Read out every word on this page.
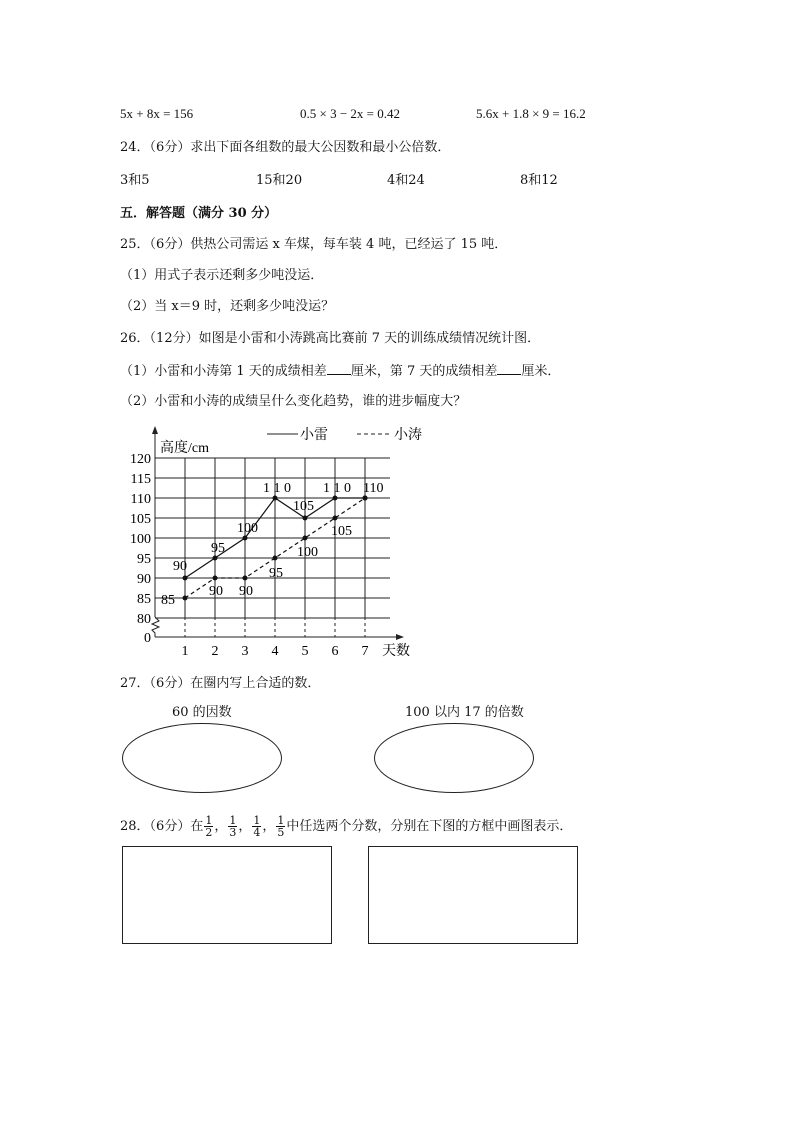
5x + 8x = 156	0.5 × 3 − 2x = 0.42	5.6x + 1.8 × 9 = 16.2
24．（6分）求出下面各组数的最大公因数和最小公倍数．
3和5	15和20	4和24	8和12
五．解答题（满分 30 分）
25．（6分）供热公司需运 x 车煤，每车装 4 吨，已经运了 15 吨．
（1）用式子表示还剩多少吨没运．
（2）当 x＝9 时，还剩多少吨没运？
26．（12分）如图是小雷和小涛跳高比赛前 7 天的训练成绩情况统计图．
（1）小雷和小涛第 1 天的成绩相差 厘米，第 7 天的成绩相差 厘米．
（2）小雷和小涛的成绩呈什么变化趋势，谁的进步幅度大？
0
80
85
90
95
100
105
110
115
120
1 2 3 4 5 6 7
高度/cm
天数
小雷	小涛
90
95
100
1 1 0
105
1 1 0 110
85
90 90
95
100
105
27．（6分）在圈内写上合适的数．
60 的因数	100 以内 17 的倍数
28．（6分）在 $\frac{1}{2}$ ， $\frac{1}{3}$ ， $\frac{1}{4}$ ， $\frac{1}{5}$ 中任选两个分数，分别在下图的方框中画图表示．
